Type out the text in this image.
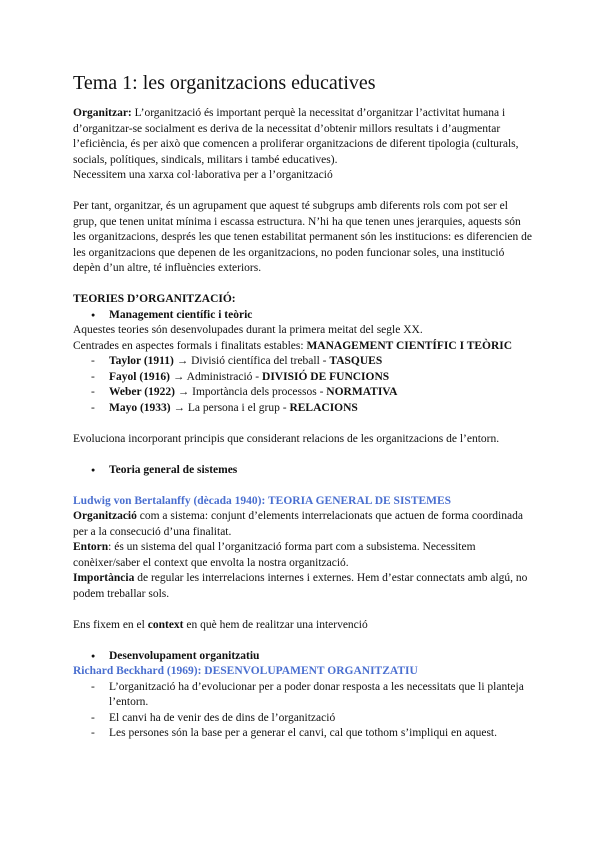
Tema 1: les organitzacions educatives

Organitzar: L’organització és important perquè la necessitat d’organitzar l’activitat humana i d’organitzar-se socialment es deriva de la necessitat d’obtenir millors resultats i d’augmentar l’eficiència, és per això que comencen a proliferar organitzacions de diferent tipologia (culturals, socials, polítiques, sindicals, militars i també educatives).

Necessitem una xarxa col·laborativa per a l’organització

Per tant, organitzar, és un agrupament que aquest té subgrups amb diferents rols com pot ser el grup, que tenen unitat mínima i escassa estructura. N’hi ha que tenen unes jerarquies, aquests són les organitzacions, després les que tenen estabilitat permanent són les institucions: es diferencien de les organitzacions que depenen de les organitzacions, no poden funcionar soles, una institució depèn d’un altre, té influències exteriors.

TEORIES D’ORGANITZACIÓ:

● Management científic i teòric

Aquestes teories són desenvolupades durant la primera meitat del segle XX.

Centrades en aspectes formals i finalitats estables: MANAGEMENT CIENTÍFIC I TEÒRIC

- Taylor (1911) → Divisió científica del treball - TASQUES
- Fayol (1916) → Administració - DIVISIÓ DE FUNCIONS
- Weber (1922) → Importància dels processos - NORMATIVA
- Mayo (1933) → La persona i el grup - RELACIONS

Evoluciona incorporant principis que considerant relacions de les organitzacions de l’entorn.

● Teoria general de sistemes

Ludwig von Bertalanffy (dècada 1940): TEORIA GENERAL DE SISTEMES

Organització com a sistema: conjunt d’elements interrelacionats que actuen de forma coordinada per a la consecució d’una finalitat.

Entorn: és un sistema del qual l’organització forma part com a subsistema. Necessitem conèixer/saber el context que envolta la nostra organització.

Importància de regular les interrelacions internes i externes. Hem d’estar connectats amb algú, no podem treballar sols.

Ens fixem en el context en què hem de realitzar una intervenció

● Desenvolupament organitzatiu

Richard Beckhard (1969): DESENVOLUPAMENT ORGANITZATIU

- L’organització ha d’evolucionar per a poder donar resposta a les necessitats que li planteja l’entorn.
- El canvi ha de venir des de dins de l’organització
- Les persones són la base per a generar el canvi, cal que tothom s’impliqui en aquest.
